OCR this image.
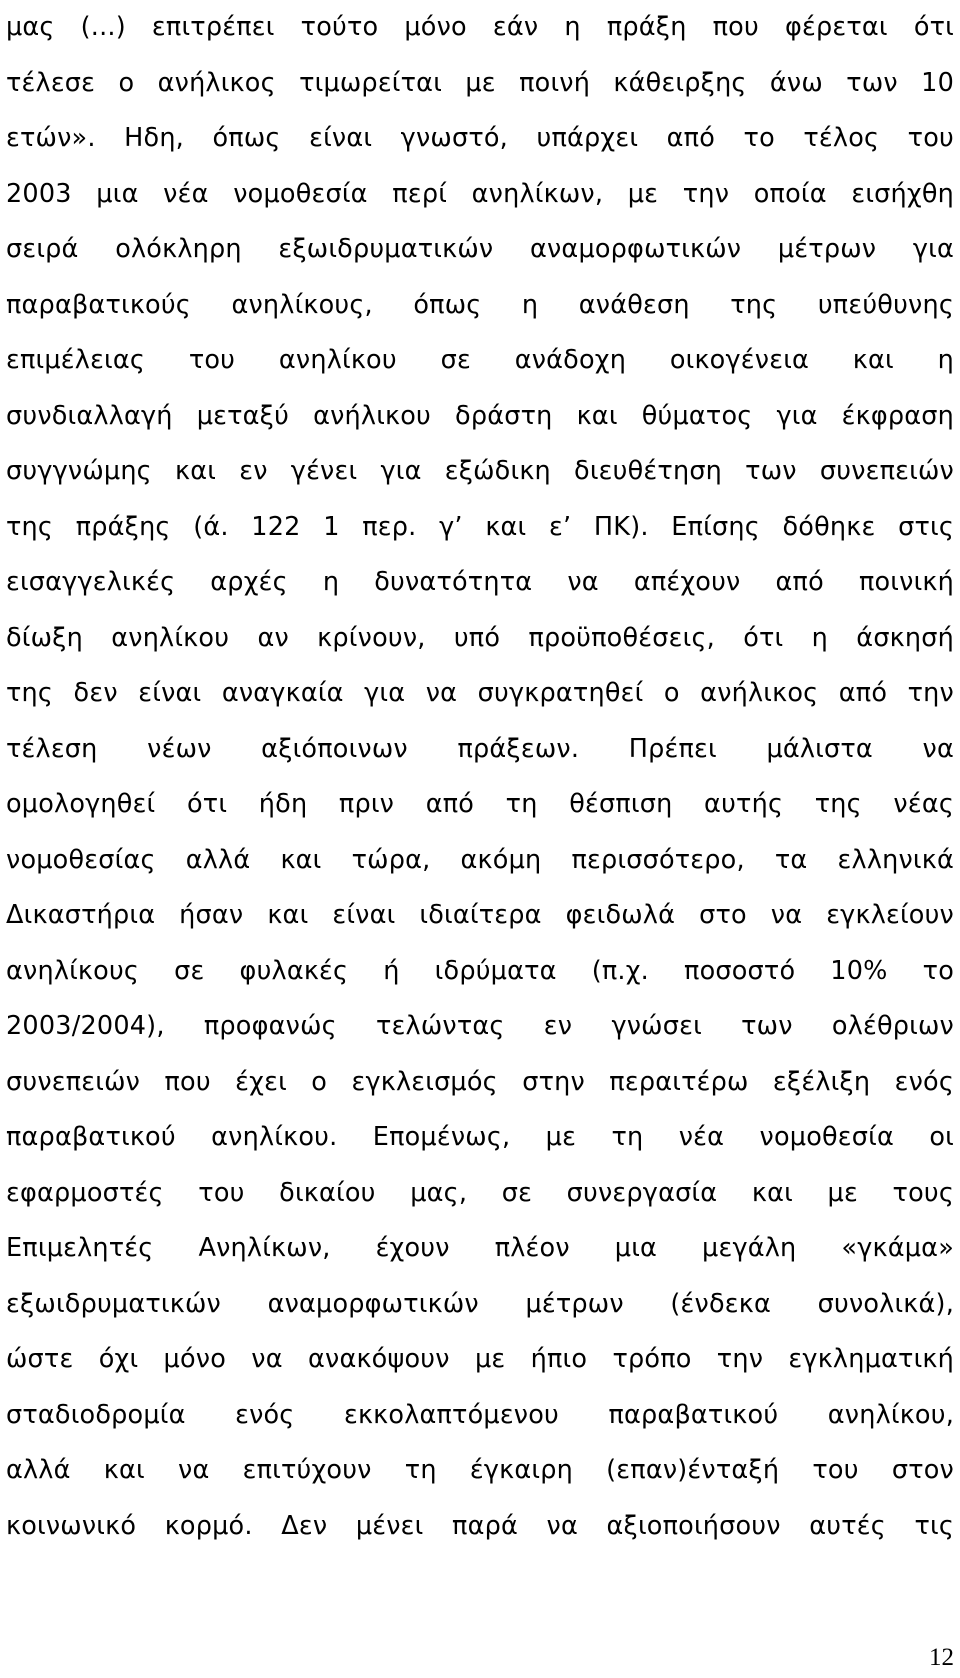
μας (...) επιτρέπει τούτο μόνο εάν η πράξη που φέρεται ότι
τέλεσε ο ανήλικος τιμωρείται με ποινή κάθειρξης άνω των 10
ετών». Ηδη, όπως είναι γνωστό, υπάρχει από το τέλος του
2003 μια νέα νομοθεσία περί ανηλίκων, με την οποία εισήχθη
σειρά ολόκληρη εξωιδρυματικών αναμορφωτικών μέτρων για
παραβατικούς ανηλίκους, όπως η ανάθεση της υπεύθυνης
επιμέλειας του ανηλίκου σε ανάδοχη οικογένεια και η
συνδιαλλαγή μεταξύ ανήλικου δράστη και θύματος για έκφραση
συγγνώμης και εν γένει για εξώδικη διευθέτηση των συνεπειών
της πράξης (ά. 122 1 περ. γ’ και ε’ ΠΚ). Επίσης δόθηκε στις
εισαγγελικές αρχές η δυνατότητα να απέχουν από ποινική
δίωξη ανηλίκου αν κρίνουν, υπό προϋποθέσεις, ότι η άσκησή
της δεν είναι αναγκαία για να συγκρατηθεί ο ανήλικος από την
τέλεση νέων αξιόποινων πράξεων. Πρέπει μάλιστα να
ομολογηθεί ότι ήδη πριν από τη θέσπιση αυτής της νέας
νομοθεσίας αλλά και τώρα, ακόμη περισσότερο, τα ελληνικά
Δικαστήρια ήσαν και είναι ιδιαίτερα φειδωλά στο να εγκλείουν
ανηλίκους σε φυλακές ή ιδρύματα (π.χ. ποσοστό 10% το
2003/2004), προφανώς τελώντας εν γνώσει των ολέθριων
συνεπειών που έχει ο εγκλεισμός στην περαιτέρω εξέλιξη ενός
παραβατικού ανηλίκου. Επομένως, με τη νέα νομοθεσία οι
εφαρμοστές του δικαίου μας, σε συνεργασία και με τους
Επιμελητές Ανηλίκων, έχουν πλέον μια μεγάλη «γκάμα»
εξωιδρυματικών αναμορφωτικών μέτρων (ένδεκα συνολικά),
ώστε όχι μόνο να ανακόψουν με ήπιο τρόπο την εγκληματική
σταδιοδρομία ενός εκκολαπτόμενου παραβατικού ανηλίκου,
αλλά και να επιτύχουν τη έγκαιρη (επαν)ένταξή του στον
κοινωνικό κορμό. Δεν μένει παρά να αξιοποιήσουν αυτές τις
12
